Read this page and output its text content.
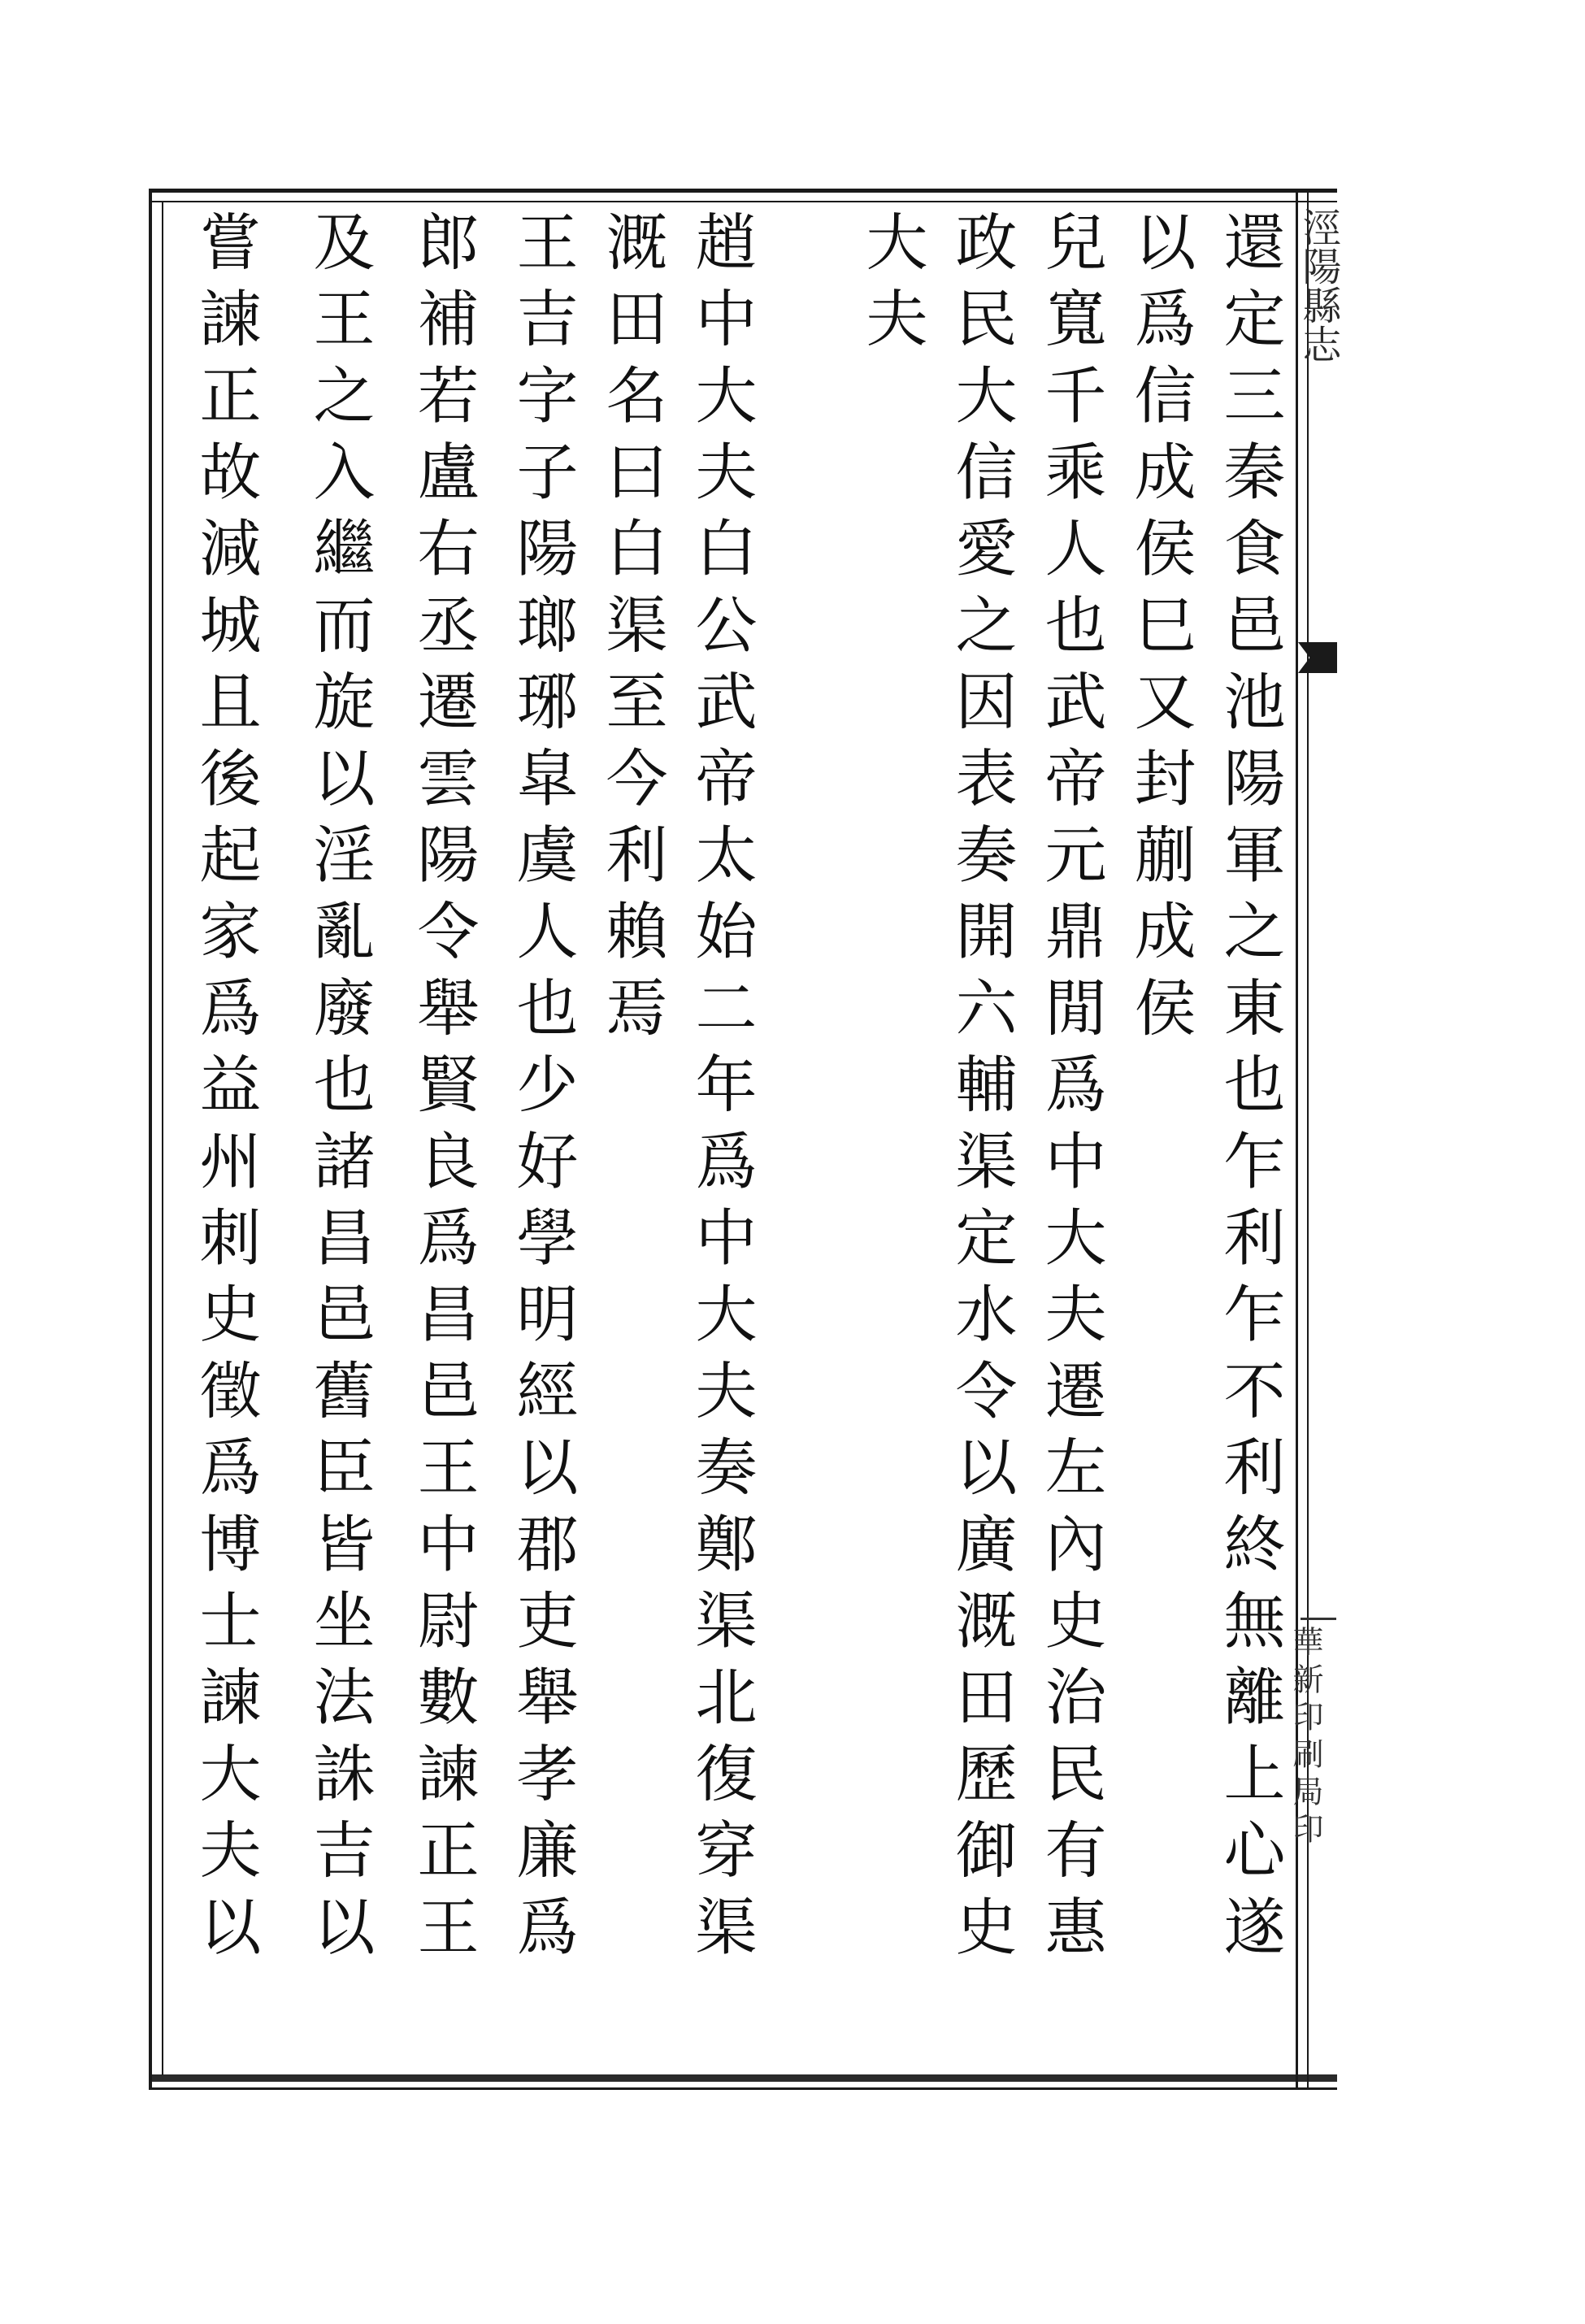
涇陽縣志
華新印刷局印
還定三秦食邑池陽軍之東也乍利乍不利終無離上心遂
以爲信成侯巳又封蒯成侯
兒寬千乘人也武帝元鼎閒爲中大夫遷左內史治民有惠
政民大信愛之因表奏開六輔渠定水令以廣溉田歷御史
大夫
趙中大夫白公武帝太始二年爲中大夫奏鄭渠北復穿渠
溉田名曰白渠至今利賴焉
王吉字子陽瑯琊皐虞人也少好學明經以郡吏舉孝廉爲
郎補若盧右丞遷雲陽令舉賢良爲昌邑王中尉數諫正王
及王之入繼而旋以淫亂廢也諸昌邑舊臣皆坐法誅吉以
嘗諫正故減城且後起家爲益州刺史徵爲博士諫大夫以
